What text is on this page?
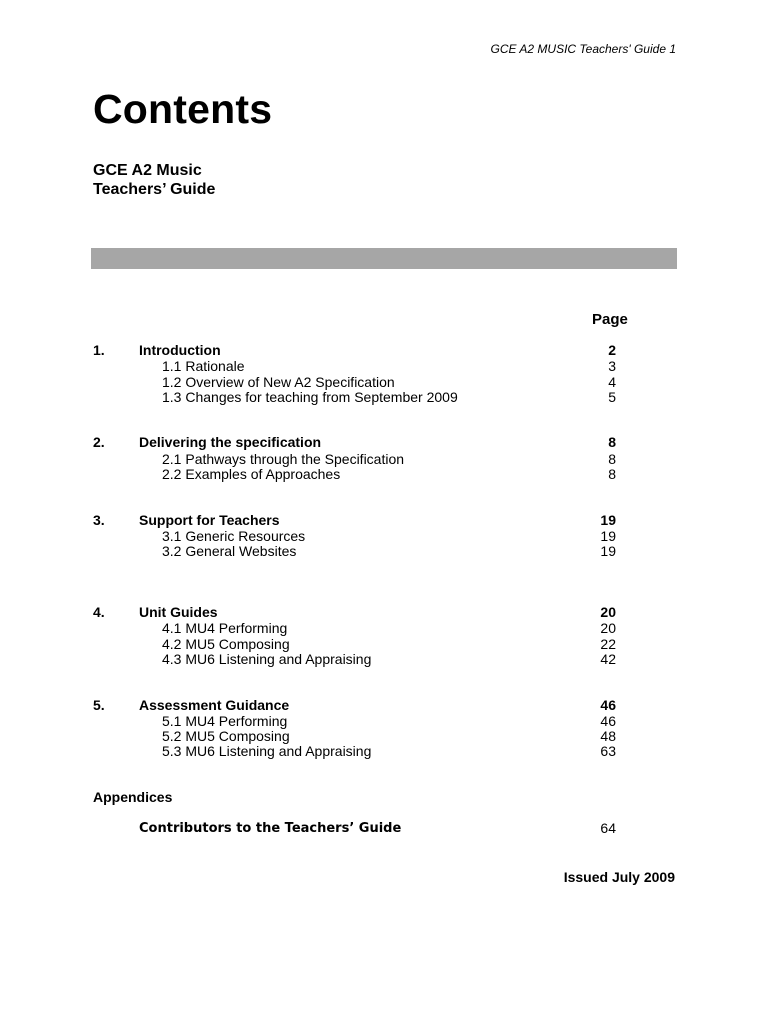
GCE A2 MUSIC Teachers' Guide 1
Contents
GCE A2 Music
Teachers’ Guide
Page
1. Introduction	2
1.1 Rationale	3
1.2 Overview of New A2 Specification	4
1.3 Changes for teaching from September 2009	5
2. Delivering the specification	8
2.1 Pathways through the Specification	8
2.2 Examples of Approaches	8
3. Support for Teachers	19
3.1 Generic Resources	19
3.2 General Websites	19
4. Unit Guides	20
4.1 MU4 Performing	20
4.2 MU5 Composing	22
4.3 MU6 Listening and Appraising	42
5. Assessment Guidance	46
5.1 MU4 Performing	46
5.2 MU5 Composing	48
5.3 MU6 Listening and Appraising	63
Appendices
Contributors to the Teachers’ Guide	64
Issued July 2009
